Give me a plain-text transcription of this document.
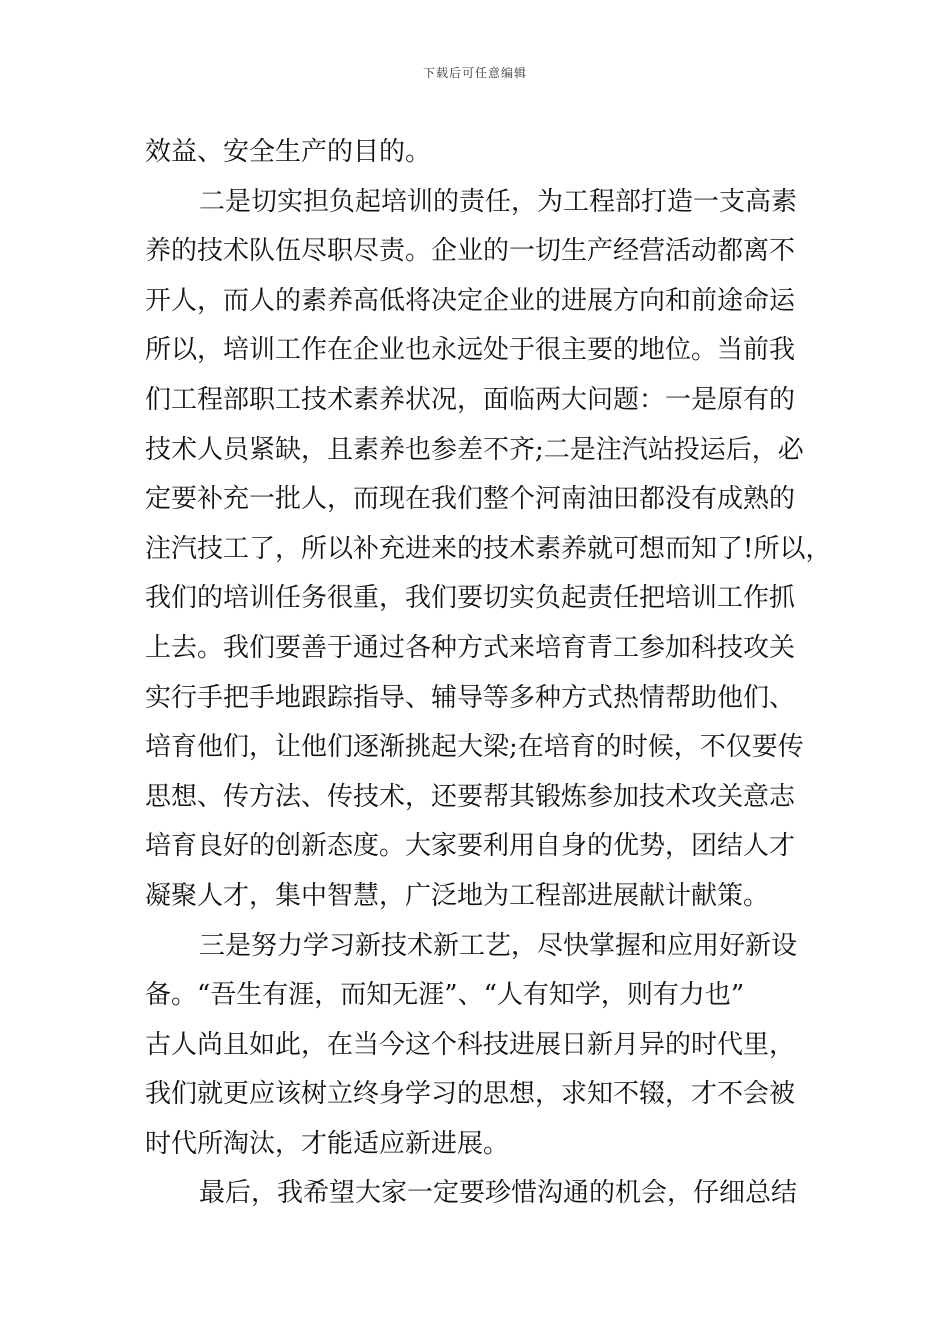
下载后可任意编辑
效益、安全生产的目的。
二是切实担负起培训的责任，为工程部打造一支高素
养的技术队伍尽职尽责。企业的一切生产经营活动都离不
开人，而人的素养高低将决定企业的进展方向和前途命运
所以，培训工作在企业也永远处于很主要的地位。当前我
们工程部职工技术素养状况，面临两大问题：一是原有的
技术人员紧缺，且素养也参差不齐;二是注汽站投运后，必
定要补充一批人，而现在我们整个河南油田都没有成熟的
注汽技工了，所以补充进来的技术素养就可想而知了!所以，
我们的培训任务很重，我们要切实负起责任把培训工作抓
上去。我们要善于通过各种方式来培育青工参加科技攻关
实行手把手地跟踪指导、辅导等多种方式热情帮助他们、
培育他们，让他们逐渐挑起大梁;在培育的时候，不仅要传
思想、传方法、传技术，还要帮其锻炼参加技术攻关意志
培育良好的创新态度。大家要利用自身的优势，团结人才
凝聚人才，集中智慧，广泛地为工程部进展献计献策。
三是努力学习新技术新工艺，尽快掌握和应用好新设
备。“吾生有涯，而知无涯”、“人有知学，则有力也”
古人尚且如此，在当今这个科技进展日新月异的时代里，
我们就更应该树立终身学习的思想，求知不辍，才不会被
时代所淘汰，才能适应新进展。
最后，我希望大家一定要珍惜沟通的机会，仔细总结
